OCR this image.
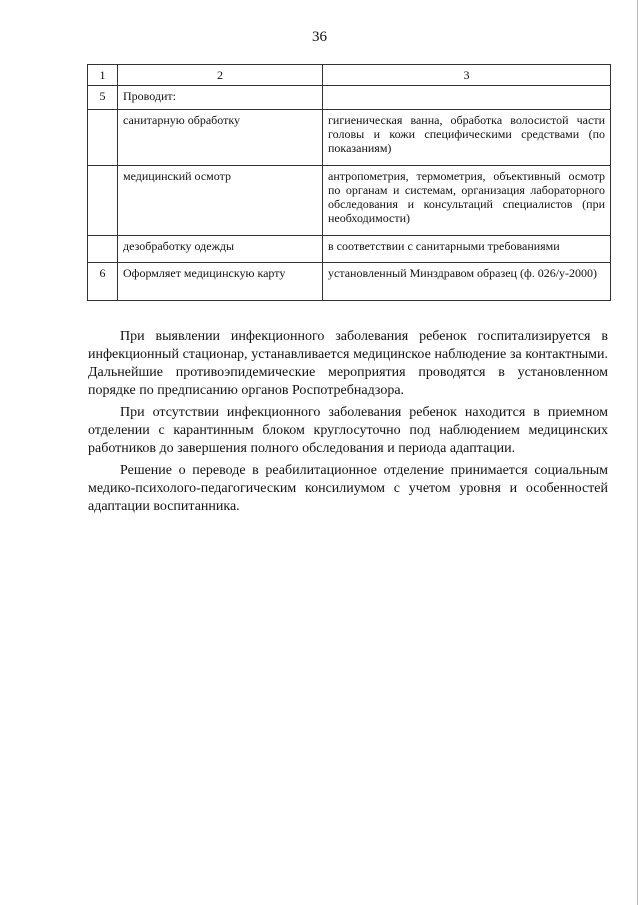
36
1	2	3
5	Проводит:	
	санитарную обработку	гигиеническая ванна, обработка волосистой части головы и кожи специфическими средствами (по показаниям)
	медицинский осмотр	антропометрия, термометрия, объективный осмотр по органам и системам, организация лабораторного обследования и консультаций специалистов (при необходимости)
	дезобработку одежды	в соответствии с санитарными требованиями
6	Оформляет медицинскую карту	установленный Минздравом образец (ф. 026/у-2000)

При выявлении инфекционного заболевания ребенок госпитализируется в инфекционный стационар, устанавливается медицинское наблюдение за контактными. Дальнейшие противоэпидемические мероприятия проводятся в установленном порядке по предписанию органов Роспотребнадзора.

При отсутствии инфекционного заболевания ребенок находится в приемном отделении с карантинным блоком круглосуточно под наблюдением медицинских работников до завершения полного обследования и периода адаптации.

Решение о переводе в реабилитационное отделение принимается социальным медико-психолого-педагогическим консилиумом с учетом уровня и особенностей адаптации воспитанника.
